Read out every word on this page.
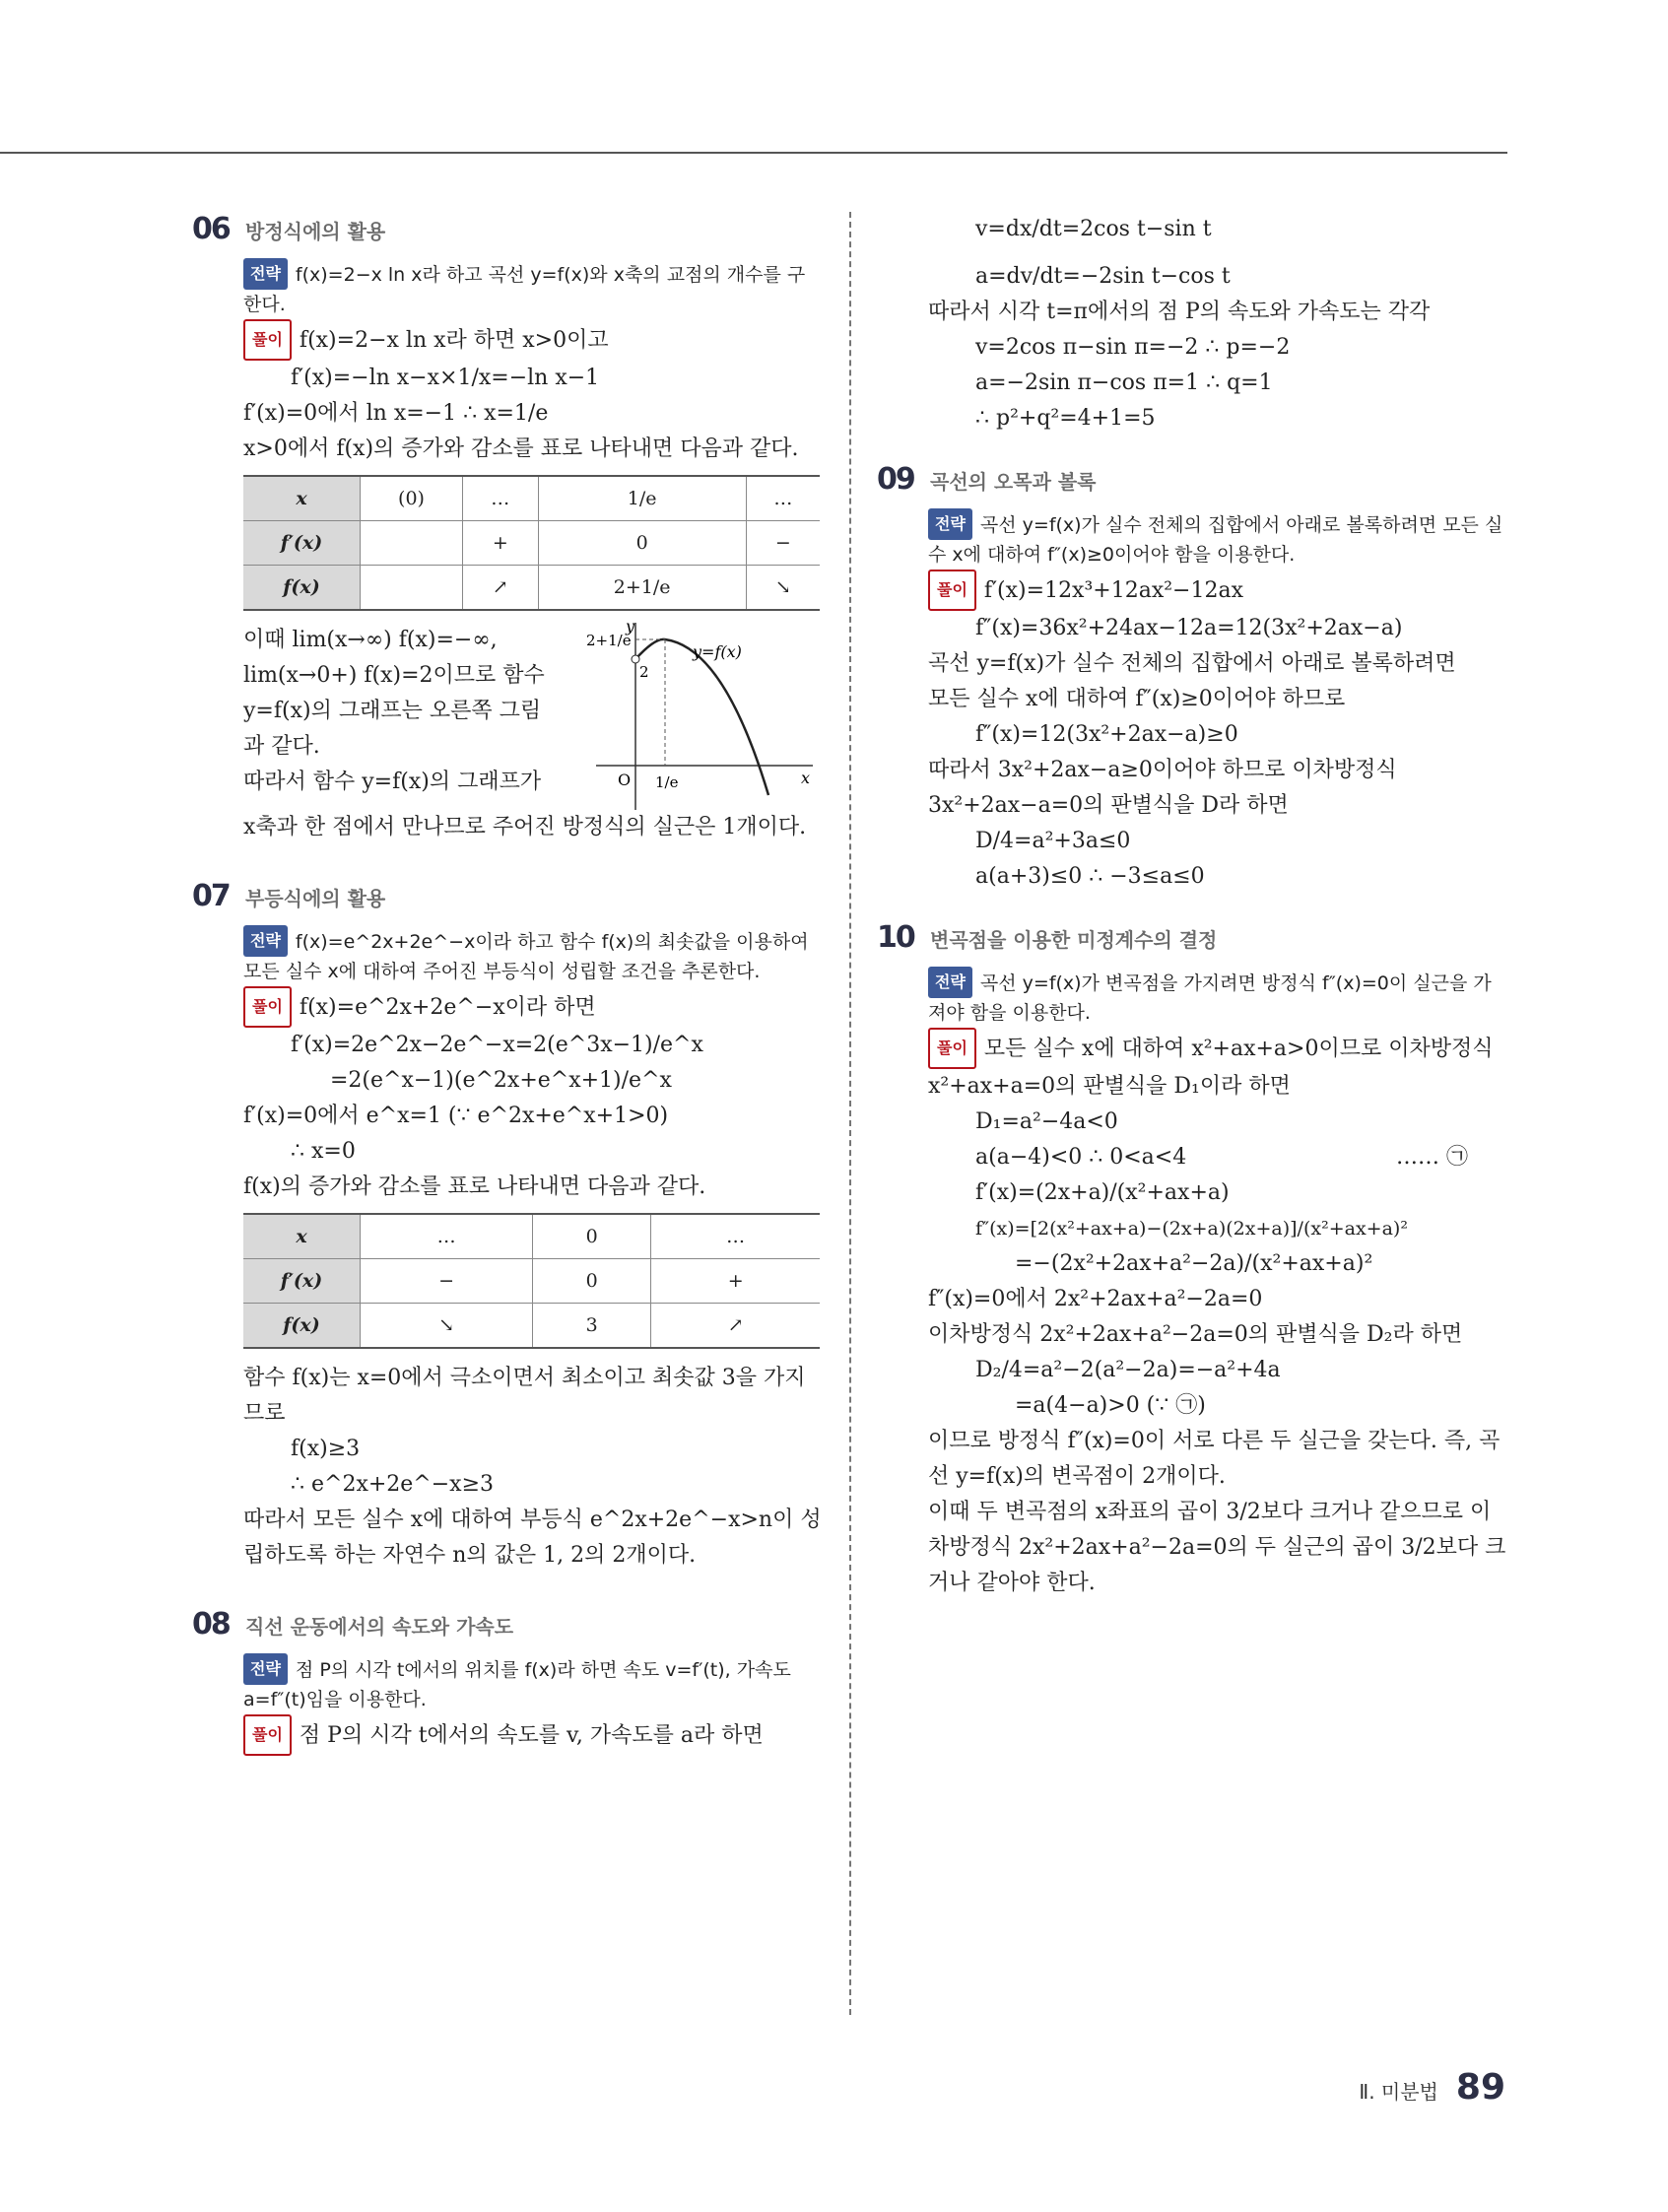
06 방정식에의 활용
전략 f(x)=2−x ln x라 하고 곡선 y=f(x)와 x축의 교점의 개수를 구한다.
풀이 f(x)=2−x ln x라 하면 x>0이고
f′(x)=−ln x−x×1/x=−ln x−1
f′(x)=0에서 ln x=−1 ∴ x=1/e
x>0에서 f(x)의 증가와 감소를 표로 나타내면 다음과 같다.
x	(0)	…	1/e	…
f′(x)		+	0	−
f(x)		↗	2+1/e	↘
이때 lim(x→∞) f(x)=−∞,
lim(x→0+) f(x)=2이므로 함수
y=f(x)의 그래프는 오른쪽 그림
과 같다.
따라서 함수 y=f(x)의 그래프가
y
x
O
y=f(x)
2+1/e
2
1/e
x축과 한 점에서 만나므로 주어진 방정식의 실근은 1개이다.
07 부등식에의 활용
전략 f(x)=e^2x+2e^−x이라 하고 함수 f(x)의 최솟값을 이용하여 모든 실수 x에 대하여 주어진 부등식이 성립할 조건을 추론한다.
풀이 f(x)=e^2x+2e^−x이라 하면
f′(x)=2e^2x−2e^−x=2(e^3x−1)/e^x
=2(e^x−1)(e^2x+e^x+1)/e^x
f′(x)=0에서 e^x=1 (∵ e^2x+e^x+1>0)
∴ x=0
f(x)의 증가와 감소를 표로 나타내면 다음과 같다.
x	…	0	…
f′(x)	−	0	+
f(x)	↘	3	↗
함수 f(x)는 x=0에서 극소이면서 최소이고 최솟값 3을 가지므로
f(x)≥3
∴ e^2x+2e^−x≥3
따라서 모든 실수 x에 대하여 부등식 e^2x+2e^−x>n이 성립하도록 하는 자연수 n의 값은 1, 2의 2개이다.
08 직선 운동에서의 속도와 가속도
전략 점 P의 시각 t에서의 위치를 f(x)라 하면 속도 v=f′(t), 가속도 a=f″(t)임을 이용한다.
풀이 점 P의 시각 t에서의 속도를 v, 가속도를 a라 하면
v=dx/dt=2cos t−sin t
a=dv/dt=−2sin t−cos t
따라서 시각 t=π에서의 점 P의 속도와 가속도는 각각
v=2cos π−sin π=−2 ∴ p=−2
a=−2sin π−cos π=1 ∴ q=1
∴ p²+q²=4+1=5
09 곡선의 오목과 볼록
전략 곡선 y=f(x)가 실수 전체의 집합에서 아래로 볼록하려면 모든 실수 x에 대하여 f″(x)≥0이어야 함을 이용한다.
풀이 f′(x)=12x³+12ax²−12ax
f″(x)=36x²+24ax−12a=12(3x²+2ax−a)
곡선 y=f(x)가 실수 전체의 집합에서 아래로 볼록하려면
모든 실수 x에 대하여 f″(x)≥0이어야 하므로
f″(x)=12(3x²+2ax−a)≥0
따라서 3x²+2ax−a≥0이어야 하므로 이차방정식
3x²+2ax−a=0의 판별식을 D라 하면
D/4=a²+3a≤0
a(a+3)≤0 ∴ −3≤a≤0
10 변곡점을 이용한 미정계수의 결정
전략 곡선 y=f(x)가 변곡점을 가지려면 방정식 f″(x)=0이 실근을 가져야 함을 이용한다.
풀이 모든 실수 x에 대하여 x²+ax+a>0이므로 이차방정식 x²+ax+a=0의 판별식을 D₁이라 하면
D₁=a²−4a<0
a(a−4)<0 ∴ 0<a<4	…… ㉠
f′(x)=(2x+a)/(x²+ax+a)
f″(x)=[2(x²+ax+a)−(2x+a)(2x+a)]/(x²+ax+a)²
=−(2x²+2ax+a²−2a)/(x²+ax+a)²
f″(x)=0에서 2x²+2ax+a²−2a=0
이차방정식 2x²+2ax+a²−2a=0의 판별식을 D₂라 하면
D₂/4=a²−2(a²−2a)=−a²+4a
=a(4−a)>0 (∵ ㉠)
이므로 방정식 f″(x)=0이 서로 다른 두 실근을 갖는다. 즉, 곡선 y=f(x)의 변곡점이 2개이다.
이때 두 변곡점의 x좌표의 곱이 3/2보다 크거나 같으므로 이차방정식 2x²+2ax+a²−2a=0의 두 실근의 곱이 3/2보다 크거나 같아야 한다.
Ⅱ. 미분법 89
